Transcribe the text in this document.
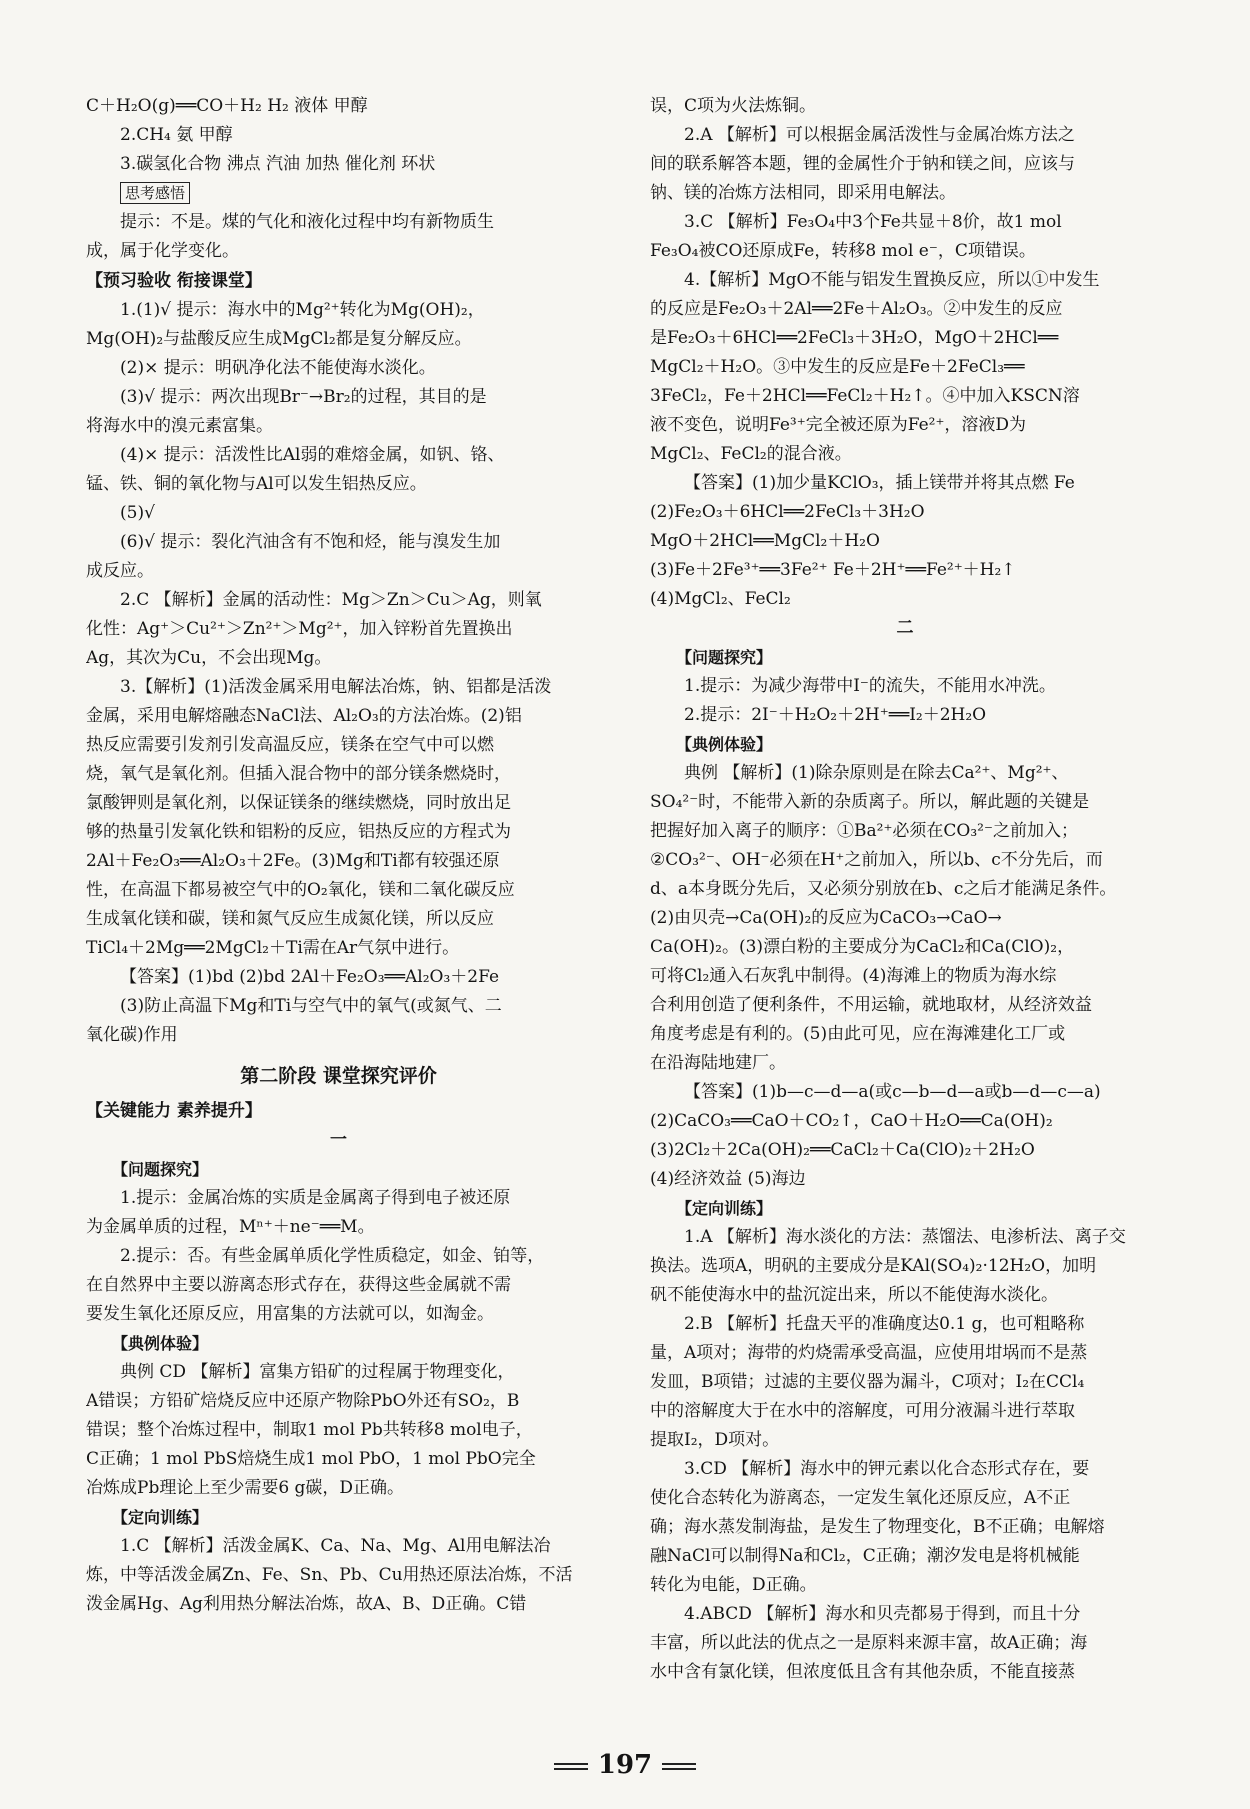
C＋H₂O(g)══CO＋H₂ H₂ 液体 甲醇
2.CH₄ 氨 甲醇
3.碳氢化合物 沸点 汽油 加热 催化剂 环状
思考感悟
提示：不是。煤的气化和液化过程中均有新物质生
成，属于化学变化。
【预习验收 衔接课堂】
1.(1)√ 提示：海水中的Mg²⁺转化为Mg(OH)₂，
Mg(OH)₂与盐酸反应生成MgCl₂都是复分解反应。
(2)× 提示：明矾净化法不能使海水淡化。
(3)√ 提示：两次出现Br⁻→Br₂的过程，其目的是
将海水中的溴元素富集。
(4)× 提示：活泼性比Al弱的难熔金属，如钒、铬、
锰、铁、铜的氧化物与Al可以发生铝热反应。
(5)√
(6)√ 提示：裂化汽油含有不饱和烃，能与溴发生加
成反应。
2.C 【解析】金属的活动性：Mg＞Zn＞Cu＞Ag，则氧
化性：Ag⁺＞Cu²⁺＞Zn²⁺＞Mg²⁺，加入锌粉首先置换出
Ag，其次为Cu，不会出现Mg。
3.【解析】(1)活泼金属采用电解法冶炼，钠、铝都是活泼
金属，采用电解熔融态NaCl法、Al₂O₃的方法冶炼。(2)铝
热反应需要引发剂引发高温反应，镁条在空气中可以燃
烧，氧气是氧化剂。但插入混合物中的部分镁条燃烧时，
氯酸钾则是氧化剂，以保证镁条的继续燃烧，同时放出足
够的热量引发氧化铁和铝粉的反应，铝热反应的方程式为
2Al＋Fe₂O₃══Al₂O₃＋2Fe。(3)Mg和Ti都有较强还原
性，在高温下都易被空气中的O₂氧化，镁和二氧化碳反应
生成氧化镁和碳，镁和氮气反应生成氮化镁，所以反应
TiCl₄＋2Mg══2MgCl₂＋Ti需在Ar气氛中进行。
【答案】(1)bd (2)bd 2Al＋Fe₂O₃══Al₂O₃＋2Fe
(3)防止高温下Mg和Ti与空气中的氧气(或氮气、二
氧化碳)作用
第二阶段 课堂探究评价
【关键能力 素养提升】
一
【问题探究】
1.提示：金属冶炼的实质是金属离子得到电子被还原
为金属单质的过程，Mⁿ⁺＋ne⁻══M。
2.提示：否。有些金属单质化学性质稳定，如金、铂等，
在自然界中主要以游离态形式存在，获得这些金属就不需
要发生氧化还原反应，用富集的方法就可以，如淘金。
【典例体验】
典例 CD 【解析】富集方铅矿的过程属于物理变化，
A错误；方铅矿焙烧反应中还原产物除PbO外还有SO₂，B
错误；整个冶炼过程中，制取1 mol Pb共转移8 mol电子，
C正确；1 mol PbS焙烧生成1 mol PbO，1 mol PbO完全
冶炼成Pb理论上至少需要6 g碳，D正确。
【定向训练】
1.C 【解析】活泼金属K、Ca、Na、Mg、Al用电解法冶
炼，中等活泼金属Zn、Fe、Sn、Pb、Cu用热还原法冶炼，不活
泼金属Hg、Ag利用热分解法冶炼，故A、B、D正确。C错
误，C项为火法炼铜。
2.A 【解析】可以根据金属活泼性与金属冶炼方法之
间的联系解答本题，锂的金属性介于钠和镁之间，应该与
钠、镁的冶炼方法相同，即采用电解法。
3.C 【解析】Fe₃O₄中3个Fe共显＋8价，故1 mol
Fe₃O₄被CO还原成Fe，转移8 mol e⁻，C项错误。
4.【解析】MgO不能与铝发生置换反应，所以①中发生
的反应是Fe₂O₃＋2Al══2Fe＋Al₂O₃。②中发生的反应
是Fe₂O₃＋6HCl══2FeCl₃＋3H₂O，MgO＋2HCl══
MgCl₂＋H₂O。③中发生的反应是Fe＋2FeCl₃══
3FeCl₂，Fe＋2HCl══FeCl₂＋H₂↑。④中加入KSCN溶
液不变色，说明Fe³⁺完全被还原为Fe²⁺，溶液D为
MgCl₂、FeCl₂的混合液。
【答案】(1)加少量KClO₃，插上镁带并将其点燃 Fe
(2)Fe₂O₃＋6HCl══2FeCl₃＋3H₂O
MgO＋2HCl══MgCl₂＋H₂O
(3)Fe＋2Fe³⁺══3Fe²⁺ Fe＋2H⁺══Fe²⁺＋H₂↑
(4)MgCl₂、FeCl₂
二
【问题探究】
1.提示：为减少海带中I⁻的流失，不能用水冲洗。
2.提示：2I⁻＋H₂O₂＋2H⁺══I₂＋2H₂O
【典例体验】
典例 【解析】(1)除杂原则是在除去Ca²⁺、Mg²⁺、
SO₄²⁻时，不能带入新的杂质离子。所以，解此题的关键是
把握好加入离子的顺序：①Ba²⁺必须在CO₃²⁻之前加入；
②CO₃²⁻、OH⁻必须在H⁺之前加入，所以b、c不分先后，而
d、a本身既分先后，又必须分别放在b、c之后才能满足条件。
(2)由贝壳→Ca(OH)₂的反应为CaCO₃→CaO→
Ca(OH)₂。(3)漂白粉的主要成分为CaCl₂和Ca(ClO)₂，
可将Cl₂通入石灰乳中制得。(4)海滩上的物质为海水综
合利用创造了便利条件，不用运输，就地取材，从经济效益
角度考虑是有利的。(5)由此可见，应在海滩建化工厂或
在沿海陆地建厂。
【答案】(1)b—c—d—a(或c—b—d—a或b—d—c—a)
(2)CaCO₃══CaO＋CO₂↑，CaO＋H₂O══Ca(OH)₂
(3)2Cl₂＋2Ca(OH)₂══CaCl₂＋Ca(ClO)₂＋2H₂O
(4)经济效益 (5)海边
【定向训练】
1.A 【解析】海水淡化的方法：蒸馏法、电渗析法、离子交
换法。选项A，明矾的主要成分是KAl(SO₄)₂·12H₂O，加明
矾不能使海水中的盐沉淀出来，所以不能使海水淡化。
2.B 【解析】托盘天平的准确度达0.1 g，也可粗略称
量，A项对；海带的灼烧需承受高温，应使用坩埚而不是蒸
发皿，B项错；过滤的主要仪器为漏斗，C项对；I₂在CCl₄
中的溶解度大于在水中的溶解度，可用分液漏斗进行萃取
提取I₂，D项对。
3.CD 【解析】海水中的钾元素以化合态形式存在，要
使化合态转化为游离态，一定发生氧化还原反应，A不正
确；海水蒸发制海盐，是发生了物理变化，B不正确；电解熔
融NaCl可以制得Na和Cl₂，C正确；潮汐发电是将机械能
转化为电能，D正确。
4.ABCD 【解析】海水和贝壳都易于得到，而且十分
丰富，所以此法的优点之一是原料来源丰富，故A正确；海
水中含有氯化镁，但浓度低且含有其他杂质，不能直接蒸
197
